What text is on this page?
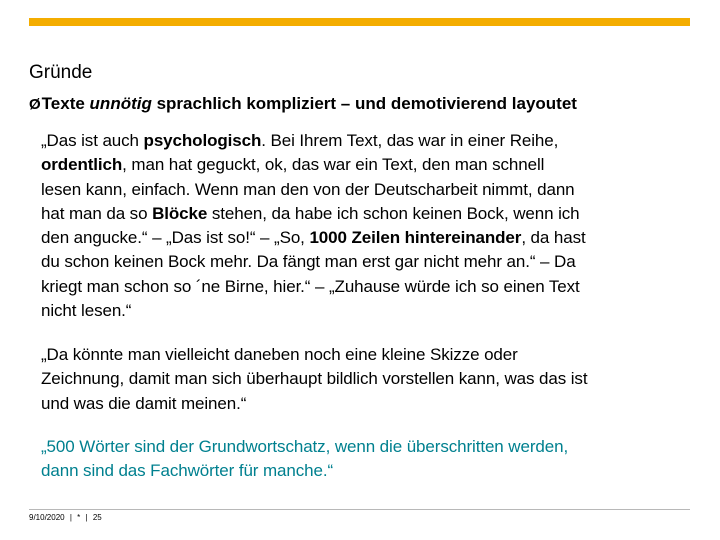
Gründe
ØTexte unnötig sprachlich kompliziert – und demotivierend layoutet
„Das ist auch psychologisch. Bei Ihrem Text, das war in einer Reihe,
ordentlich, man hat geguckt, ok, das war ein Text, den man schnell
lesen kann, einfach. Wenn man den von der Deutscharbeit nimmt, dann
hat man da so Blöcke stehen, da habe ich schon keinen Bock, wenn ich
den angucke.“ – „Das ist so!“ – „So, 1000 Zeilen hintereinander, da hast
du schon keinen Bock mehr. Da fängt man erst gar nicht mehr an.“ – Da
kriegt man schon so ´ne Birne, hier.“ – „Zuhause würde ich so einen Text
nicht lesen.“
„Da könnte man vielleicht daneben noch eine kleine Skizze oder
Zeichnung, damit man sich überhaupt bildlich vorstellen kann, was das ist
und was die damit meinen.“
„500 Wörter sind der Grundwortschatz, wenn die überschritten werden,
dann sind das Fachwörter für manche.“
9/10/2020 | * | 25
